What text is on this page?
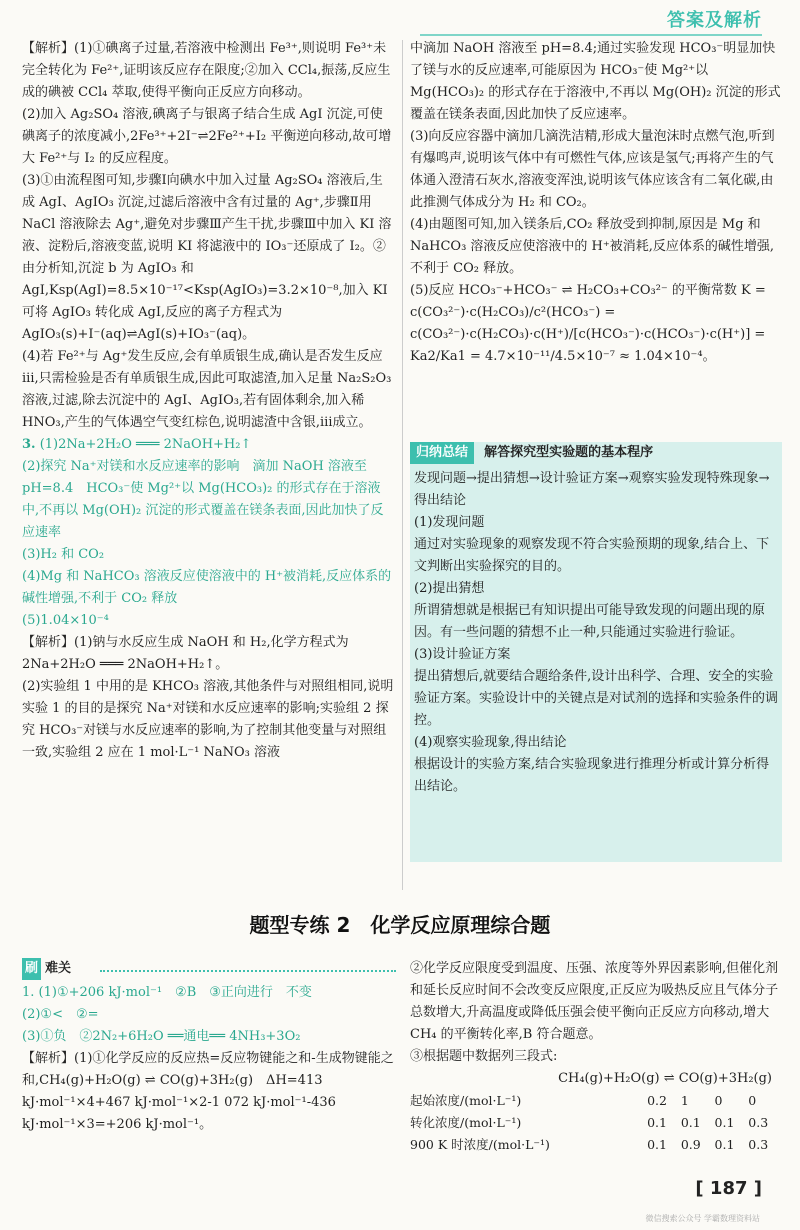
答案及解析

【解析】(1)①碘离子过量,若溶液中检测出 Fe³⁺,则说明 Fe³⁺未完全转化为 Fe²⁺,证明该反应存在限度;②加入 CCl₄,振荡,反应生成的碘被 CCl₄ 萃取,使得平衡向正反应方向移动。

(2)加入 Ag₂SO₄ 溶液,碘离子与银离子结合生成 AgI 沉淀,可使碘离子的浓度减小,2Fe³⁺+2I⁻⇌2Fe²⁺+I₂ 平衡逆向移动,故可增大 Fe²⁺与 I₂ 的反应程度。

(3)①由流程图可知,步骤Ⅰ向碘水中加入过量 Ag₂SO₄ 溶液后,生成 AgI、AgIO₃ 沉淀,过滤后溶液中含有过量的 Ag⁺,步骤Ⅱ用 NaCl 溶液除去 Ag⁺,避免对步骤Ⅲ产生干扰,步骤Ⅲ中加入 KI 溶液、淀粉后,溶液变蓝,说明 KI 将滤液中的 IO₃⁻还原成了 I₂。②由分析知,沉淀 b 为 AgIO₃ 和 AgI,Ksp(AgI)=8.5×10⁻¹⁷<Ksp(AgIO₃)=3.2×10⁻⁸,加入 KI 可将 AgIO₃ 转化成 AgI,反应的离子方程式为 AgIO₃(s)+I⁻(aq)⇌AgI(s)+IO₃⁻(aq)。

(4)若 Fe²⁺与 Ag⁺发生反应,会有单质银生成,确认是否发生反应ⅲ,只需检验是否有单质银生成,因此可取滤渣,加入足量 Na₂S₂O₃ 溶液,过滤,除去沉淀中的 AgI、AgIO₃,若有固体剩余,加入稀 HNO₃,产生的气体遇空气变红棕色,说明滤渣中含银,ⅲ成立。

3. (1)2Na+2H₂O ═══ 2NaOH+H₂↑

(2)探究 Na⁺对镁和水反应速率的影响　滴加 NaOH 溶液至 pH=8.4　HCO₃⁻使 Mg²⁺以 Mg(HCO₃)₂ 的形式存在于溶液中,不再以 Mg(OH)₂ 沉淀的形式覆盖在镁条表面,因此加快了反应速率

(3)H₂ 和 CO₂

(4)Mg 和 NaHCO₃ 溶液反应使溶液中的 H⁺被消耗,反应体系的碱性增强,不利于 CO₂ 释放

(5)1.04×10⁻⁴

【解析】(1)钠与水反应生成 NaOH 和 H₂,化学方程式为 2Na+2H₂O ═══ 2NaOH+H₂↑。

(2)实验组 1 中用的是 KHCO₃ 溶液,其他条件与对照组相同,说明实验 1 的目的是探究 Na⁺对镁和水反应速率的影响;实验组 2 探究 HCO₃⁻对镁与水反应速率的影响,为了控制其他变量与对照组一致,实验组 2 应在 1 mol·L⁻¹ NaNO₃ 溶液

中滴加 NaOH 溶液至 pH=8.4;通过实验发现 HCO₃⁻明显加快了镁与水的反应速率,可能原因为 HCO₃⁻使 Mg²⁺以 Mg(HCO₃)₂ 的形式存在于溶液中,不再以 Mg(OH)₂ 沉淀的形式覆盖在镁条表面,因此加快了反应速率。

(3)向反应容器中滴加几滴洗洁精,形成大量泡沫时点燃气泡,听到有爆鸣声,说明该气体中有可燃性气体,应该是氢气;再将产生的气体通入澄清石灰水,溶液变浑浊,说明该气体应该含有二氧化碳,由此推测气体成分为 H₂ 和 CO₂。

(4)由题图可知,加入镁条后,CO₂ 释放受到抑制,原因是 Mg 和 NaHCO₃ 溶液反应使溶液中的 H⁺被消耗,反应体系的碱性增强,不利于 CO₂ 释放。

(5)反应 HCO₃⁻+HCO₃⁻ ⇌ H₂CO₃+CO₃²⁻ 的平衡常数 K = c(CO₃²⁻)·c(H₂CO₃)/c²(HCO₃⁻) = c(CO₃²⁻)·c(H₂CO₃)·c(H⁺)/[c(HCO₃⁻)·c(HCO₃⁻)·c(H⁺)] = Ka2/Ka1 = 4.7×10⁻¹¹/4.5×10⁻⁷ ≈ 1.04×10⁻⁴。

归纳总结 解答探究型实验题的基本程序

发现问题→提出猜想→设计验证方案→观察实验发现特殊现象→得出结论

(1)发现问题

通过对实验现象的观察发现不符合实验预期的现象,结合上、下文判断出实验探究的目的。

(2)提出猜想

所谓猜想就是根据已有知识提出可能导致发现的问题出现的原因。有一些问题的猜想不止一种,只能通过实验进行验证。

(3)设计验证方案

提出猜想后,就要结合题给条件,设计出科学、合理、安全的实验验证方案。实验设计中的关键点是对试剂的选择和实验条件的调控。

(4)观察实验现象,得出结论

根据设计的实验方案,结合实验现象进行推理分析或计算分析得出结论。

题型专练 2　化学反应原理综合题
刷 难关

1. (1)①+206 kJ·mol⁻¹　②B　③正向进行　不变

(2)①<　②=

(3)①负　②2N₂+6H₂O ══通电══ 4NH₃+3O₂

【解析】(1)①化学反应的反应热=反应物键能之和-生成物键能之和,CH₄(g)+H₂O(g) ⇌ CO(g)+3H₂(g)　ΔH=413 kJ·mol⁻¹×4+467 kJ·mol⁻¹×2-1 072 kJ·mol⁻¹-436 kJ·mol⁻¹×3=+206 kJ·mol⁻¹。

②化学反应限度受到温度、压强、浓度等外界因素影响,但催化剂和延长反应时间不会改变反应限度,正反应为吸热反应且气体分子总数增大,升高温度或降低压强会使平衡向正反应方向移动,增大 CH₄ 的平衡转化率,B 符合题意。

③根据题中数据列三段式:

CH₄(g)+H₂O(g) ⇌ CO(g)+3H₂(g)

起始浓度/(mol·L⁻¹)	0.2	1	0	0
转化浓度/(mol·L⁻¹)	0.1	0.1	0.1	0.3
900 K 时浓度/(mol·L⁻¹)	0.1	0.9	0.1	0.3
[ 187 ]
微信搜索公众号 学霸数理资料站
